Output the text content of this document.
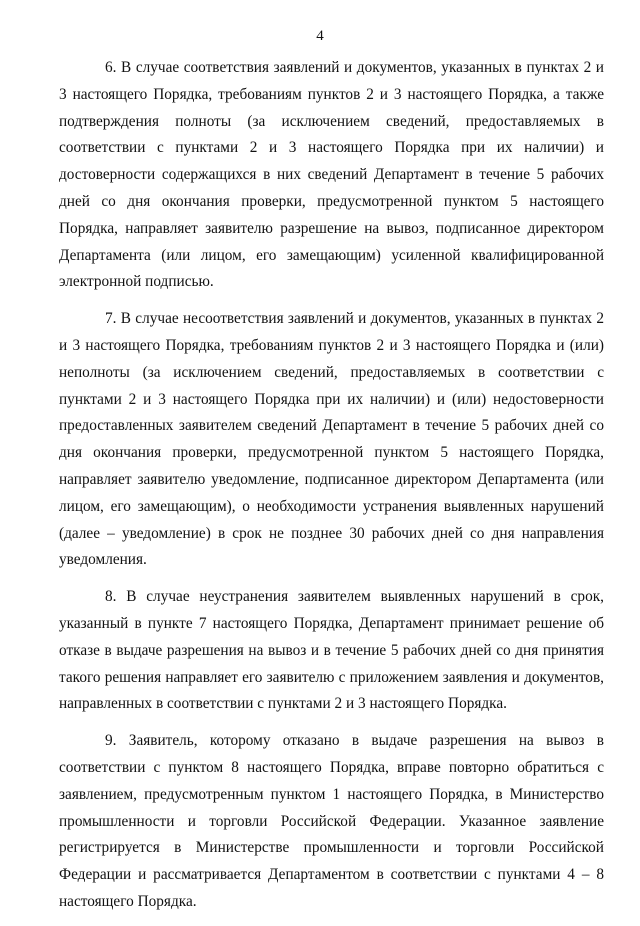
4

6. В случае соответствия заявлений и документов, указанных в пунктах 2 и 3 настоящего Порядка, требованиям пунктов 2 и 3 настоящего Порядка, а также подтверждения полноты (за исключением сведений, предоставляемых в соответствии с пунктами 2 и 3 настоящего Порядка при их наличии) и достоверности содержащихся в них сведений Департамент в течение 5 рабочих дней со дня окончания проверки, предусмотренной пунктом 5 настоящего Порядка, направляет заявителю разрешение на вывоз, подписанное директором Департамента (или лицом, его замещающим) усиленной квалифицированной электронной подписью.

7. В случае несоответствия заявлений и документов, указанных в пунктах 2 и 3 настоящего Порядка, требованиям пунктов 2 и 3 настоящего Порядка и (или) неполноты (за исключением сведений, предоставляемых в соответствии с пунктами 2 и 3 настоящего Порядка при их наличии) и (или) недостоверности предоставленных заявителем сведений Департамент в течение 5 рабочих дней со дня окончания проверки, предусмотренной пунктом 5 настоящего Порядка, направляет заявителю уведомление, подписанное директором Департамента (или лицом, его замещающим), о необходимости устранения выявленных нарушений (далее – уведомление) в срок не позднее 30 рабочих дней со дня направления уведомления.

8. В случае неустранения заявителем выявленных нарушений в срок, указанный в пункте 7 настоящего Порядка, Департамент принимает решение об отказе в выдаче разрешения на вывоз и в течение 5 рабочих дней со дня принятия такого решения направляет его заявителю с приложением заявления и документов, направленных в соответствии с пунктами 2 и 3 настоящего Порядка.

9. Заявитель, которому отказано в выдаче разрешения на вывоз в соответствии с пунктом 8 настоящего Порядка, вправе повторно обратиться с заявлением, предусмотренным пунктом 1 настоящего Порядка, в Министерство промышленности и торговли Российской Федерации. Указанное заявление регистрируется в Министерстве промышленности и торговли Российской Федерации и рассматривается Департаментом в соответствии с пунктами 4 – 8 настоящего Порядка.
